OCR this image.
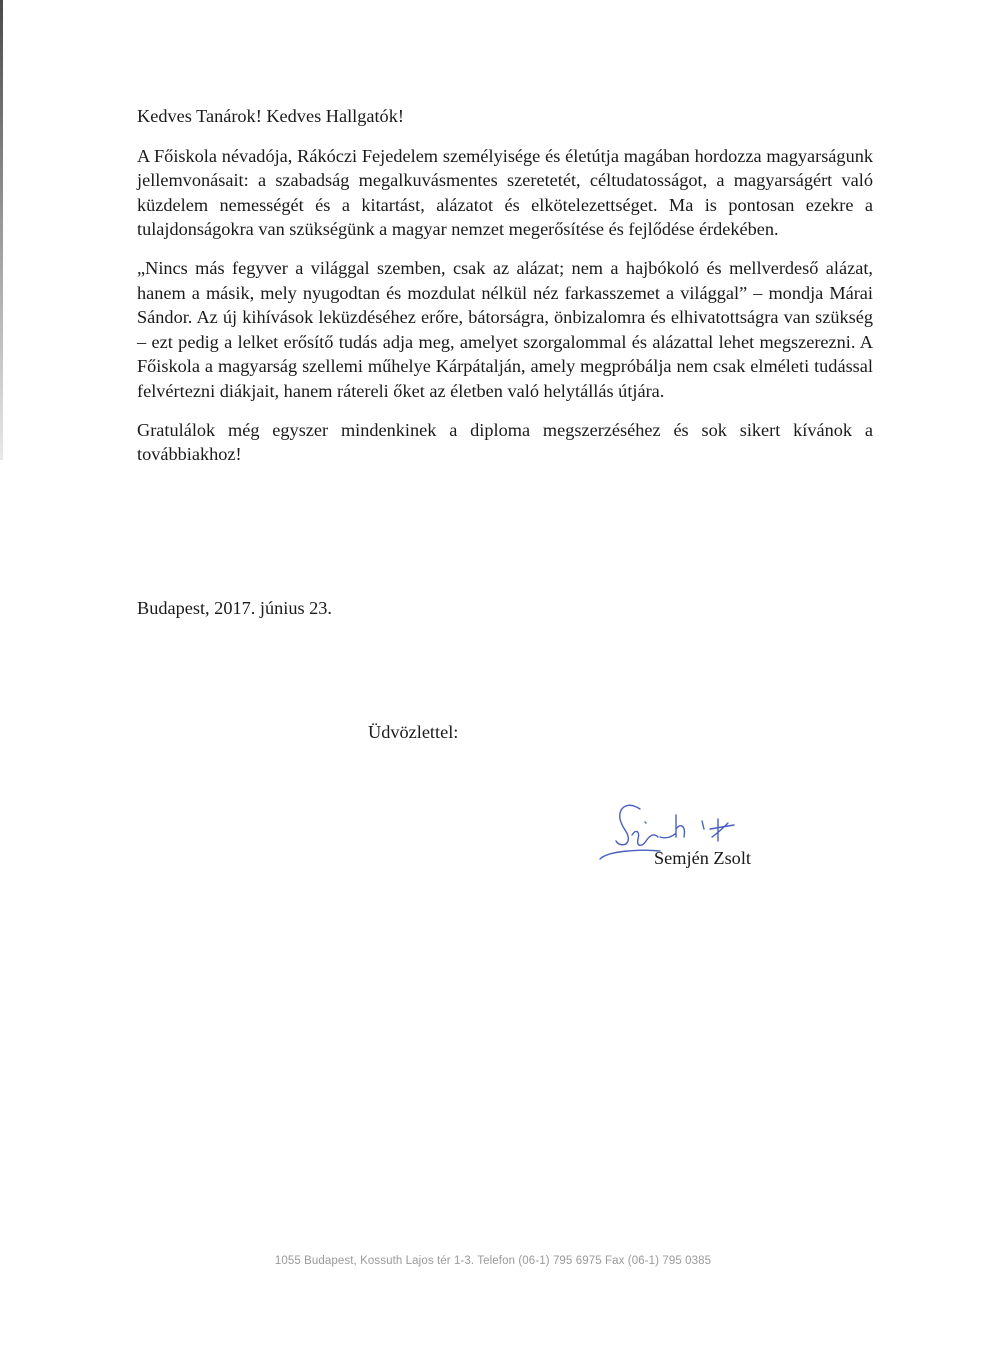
Kedves Tanárok! Kedves Hallgatók!

A Főiskola névadója, Rákóczi Fejedelem személyisége és életútja magában hordozza magyarságunk jellemvonásait: a szabadság megalkuvásmentes szeretetét, céltudatosságot, a magyarságért való küzdelem nemességét és a kitartást, alázatot és elkötelezettséget. Ma is pontosan ezekre a tulajdonságokra van szükségünk a magyar nemzet megerősítése és fejlődése érdekében.

„Nincs más fegyver a világgal szemben, csak az alázat; nem a hajbókoló és mellverdeső alázat, hanem a másik, mely nyugodtan és mozdulat nélkül néz farkasszemet a világgal” – mondja Márai Sándor. Az új kihívások leküzdéséhez erőre, bátorságra, önbizalomra és elhivatottságra van szükség – ezt pedig a lelket erősítő tudás adja meg, amelyet szorgalommal és alázattal lehet megszerezni. A Főiskola a magyarság szellemi műhelye Kárpátalján, amely megpróbálja nem csak elméleti tudással felvértezni diákjait, hanem rátereli őket az életben való helytállás útjára.

Gratulálok még egyszer mindenkinek a diploma megszerzéséhez és sok sikert kívánok a továbbiakhoz!

Budapest, 2017. június 23.
Üdvözlettel:
Semjén Zsolt
1055 Budapest, Kossuth Lajos tér 1-3. Telefon (06-1) 795 6975 Fax (06-1) 795 0385
